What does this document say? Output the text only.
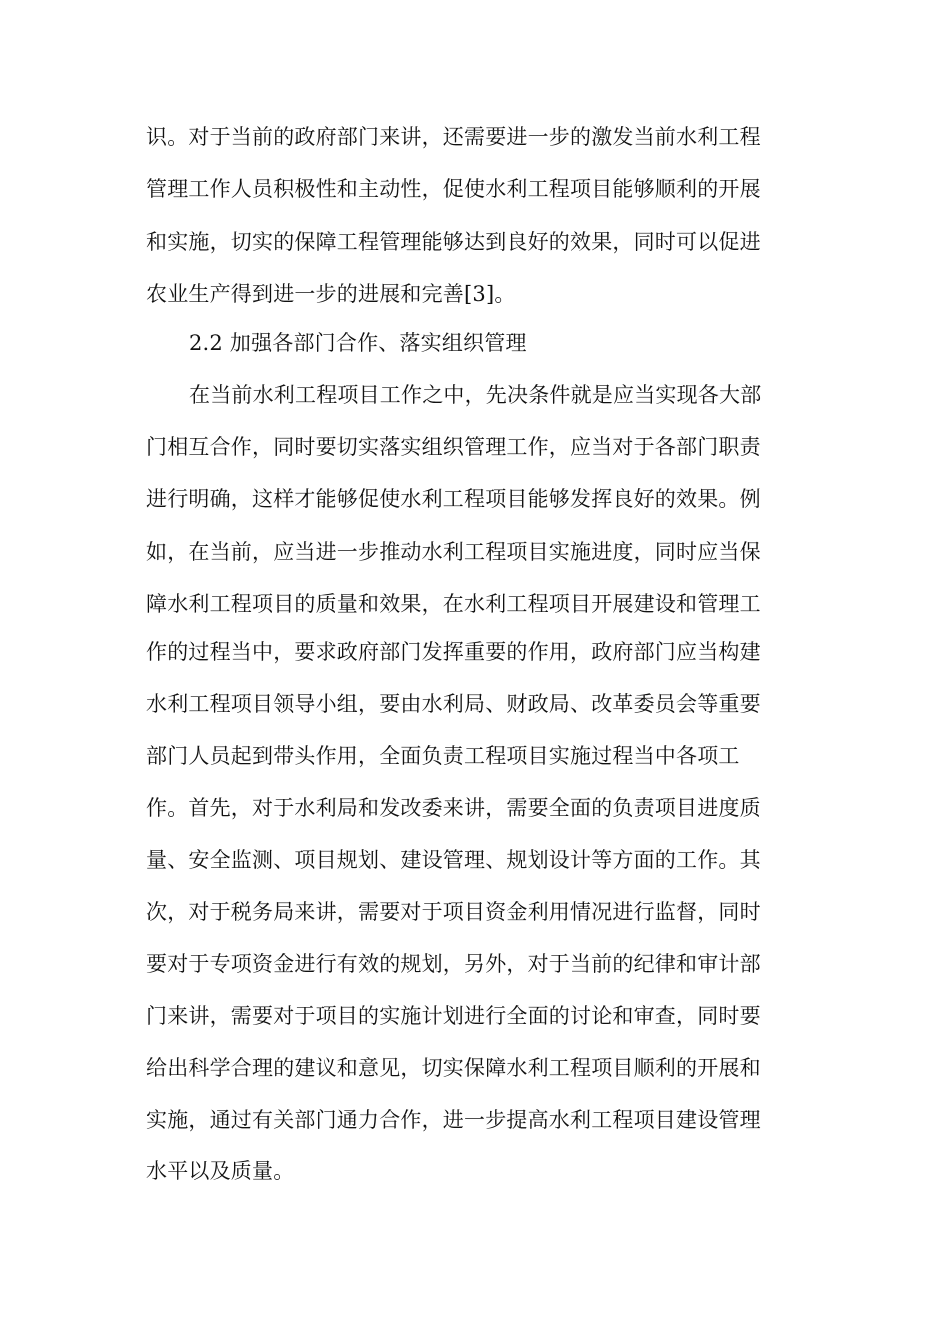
识。对于当前的政府部门来讲，还需要进一步的激发当前水利工程
管理工作人员积极性和主动性，促使水利工程项目能够顺利的开展
和实施，切实的保障工程管理能够达到良好的效果，同时可以促进
农业生产得到进一步的进展和完善[3]。
2.2 加强各部门合作、落实组织管理
在当前水利工程项目工作之中，先决条件就是应当实现各大部
门相互合作，同时要切实落实组织管理工作，应当对于各部门职责
进行明确，这样才能够促使水利工程项目能够发挥良好的效果。例
如，在当前，应当进一步推动水利工程项目实施进度，同时应当保
障水利工程项目的质量和效果，在水利工程项目开展建设和管理工
作的过程当中，要求政府部门发挥重要的作用，政府部门应当构建
水利工程项目领导小组，要由水利局、财政局、改革委员会等重要
部门人员起到带头作用，全面负责工程项目实施过程当中各项工
作。首先，对于水利局和发改委来讲，需要全面的负责项目进度质
量、安全监测、项目规划、建设管理、规划设计等方面的工作。其
次，对于税务局来讲，需要对于项目资金利用情况进行监督，同时
要对于专项资金进行有效的规划，另外，对于当前的纪律和审计部
门来讲，需要对于项目的实施计划进行全面的讨论和审查，同时要
给出科学合理的建议和意见，切实保障水利工程项目顺利的开展和
实施，通过有关部门通力合作，进一步提高水利工程项目建设管理
水平以及质量。
